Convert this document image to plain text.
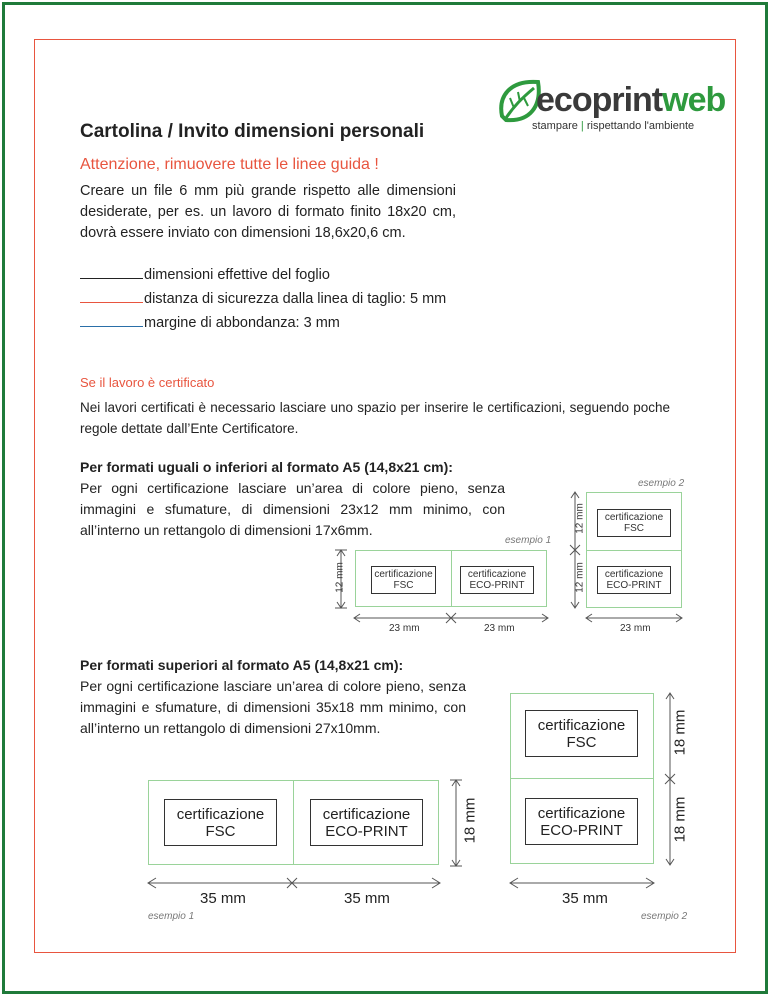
ecoprintweb
stampare | rispettando l'ambiente
Cartolina / Invito dimensioni personali
Attenzione, rimuovere tutte le linee guida !
Creare un file 6 mm più grande rispetto alle dimensioni desiderate, per es. un lavoro di formato finito 18x20 cm, dovrà essere inviato con dimensioni 18,6x20,6 cm.
dimensioni effettive del foglio
distanza di sicurezza dalla linea di taglio: 5 mm
margine di abbondanza: 3 mm
Se il lavoro è certificato
Nei lavori certificati è necessario lasciare uno spazio per inserire le certificazioni, seguendo poche regole dettate dall’Ente Certificatore.
Per formati uguali o inferiori al formato A5 (14,8x21 cm):
Per ogni certificazione lasciare un’area di colore pieno, senza immagini e sfumature, di dimensioni 23x12 mm minimo, con all’interno un rettangolo di dimensioni 17x6mm.
esempio 1
certificazione
FSC
certificazione
ECO-PRINT
12 mm
23 mm	23 mm
esempio 2
certificazione
FSC
certificazione
ECO-PRINT
12 mm
12 mm
23 mm
Per formati superiori al formato A5 (14,8x21 cm):
Per ogni certificazione lasciare un’area di colore pieno, senza immagini e sfumature, di dimensioni 35x18 mm minimo, con all’interno un rettangolo di dimensioni 27x10mm.
certificazione
FSC
certificazione
ECO-PRINT	18 mm
35 mm	35 mm
esempio 1
certificazione
FSC
certificazione
ECO-PRINT
18 mm
18 mm
35 mm
esempio 2
